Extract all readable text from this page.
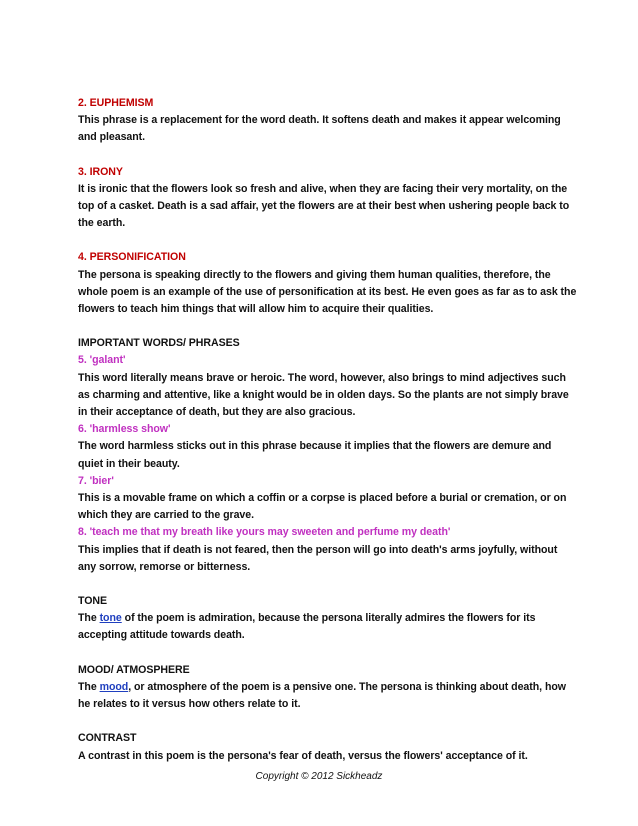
2. EUPHEMISM

This phrase is a replacement for the word death. It softens death and makes it appear welcoming and pleasant.

3. IRONY

It is ironic that the flowers look so fresh and alive, when they are facing their very mortality, on the top of a casket. Death is a sad affair, yet the flowers are at their best when ushering people back to the earth.

4. PERSONIFICATION

The persona is speaking directly to the flowers and giving them human qualities, therefore, the whole poem is an example of the use of personification at its best. He even goes as far as to ask the flowers to teach him things that will allow him to acquire their qualities.

IMPORTANT WORDS/ PHRASES
5. 'galant'

This word literally means brave or heroic. The word, however, also brings to mind adjectives such as charming and attentive, like a knight would be in olden days. So the plants are not simply brave in their acceptance of death, but they are also gracious.

6. 'harmless show'

The word harmless sticks out in this phrase because it implies that the flowers are demure and quiet in their beauty.

7. 'bier'

This is a movable frame on which a coffin or a corpse is placed before a burial or cremation, or on which they are carried to the grave.

8. 'teach me that my breath like yours may sweeten and perfume my death'

This implies that if death is not feared, then the person will go into death's arms joyfully, without any sorrow, remorse or bitterness.

TONE

The tone of the poem is admiration, because the persona literally admires the flowers for its accepting attitude towards death.

MOOD/ ATMOSPHERE

The mood, or atmosphere of the poem is a pensive one. The persona is thinking about death, how he relates to it versus how others relate to it.

CONTRAST

A contrast in this poem is the persona's fear of death, versus the flowers' acceptance of it.

Copyright © 2012 Sickheadz
